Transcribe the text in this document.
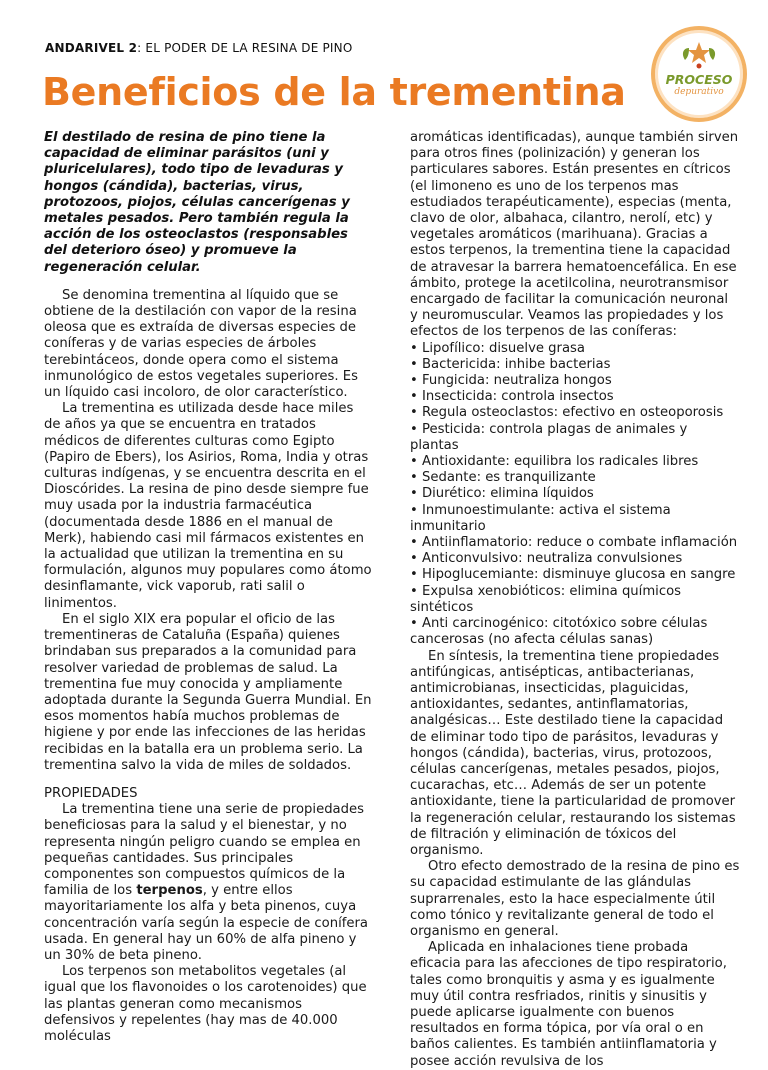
ANDARIVEL 2: EL PODER DE LA RESINA DE PINO
Beneficios de la trementina	PROCESO
depurativo

El destilado de resina de pino tiene la capacidad de eliminar parásitos (uni y pluricelulares), todo tipo de levaduras y hongos (cándida), bacterias, virus, protozoos, piojos, células cancerígenas y metales pesados. Pero también regula la acción de los osteoclastos (responsables del deterioro óseo) y promueve la regeneración celular.

Se denomina trementina al líquido que se obtiene de la destilación con vapor de la resina oleosa que es extraída de diversas especies de coníferas y de varias especies de árboles terebintáceos, donde opera como el sistema inmunológico de estos vegetales superiores. Es un líquido casi incoloro, de olor característico.

La trementina es utilizada desde hace miles de años ya que se encuentra en tratados médicos de diferentes culturas como Egipto (Papiro de Ebers), los Asirios, Roma, India y otras culturas indígenas, y se encuentra descrita en el Dioscórides. La resina de pino desde siempre fue muy usada por la industria farmacéutica (documentada desde 1886 en el manual de Merk), habiendo casi mil fármacos existentes en la actualidad que utilizan la trementina en su formulación, algunos muy populares como átomo desinflamante, vick vaporub, rati salil o linimentos.

En el siglo XIX era popular el oficio de las trementineras de Cataluña (España) quienes brindaban sus preparados a la comunidad para resolver variedad de problemas de salud. La trementina fue muy conocida y ampliamente adoptada durante la Segunda Guerra Mundial. En esos momentos había muchos problemas de higiene y por ende las infecciones de las heridas recibidas en la batalla era un problema serio. La trementina salvo la vida de miles de soldados.

PROPIEDADES

La trementina tiene una serie de propiedades beneficiosas para la salud y el bienestar, y no representa ningún peligro cuando se emplea en pequeñas cantidades. Sus principales componentes son compuestos químicos de la familia de los terpenos, y entre ellos mayoritariamente los alfa y beta pinenos, cuya concentración varía según la especie de conífera usada. En general hay un 60% de alfa pineno y un 30% de beta pineno.

Los terpenos son metabolitos vegetales (al igual que los flavonoides o los carotenoides) que las plantas generan como mecanismos defensivos y repelentes (hay mas de 40.000 moléculas

aromáticas identificadas), aunque también sirven para otros fines (polinización) y generan los particulares sabores. Están presentes en cítricos (el limoneno es uno de los terpenos mas estudiados terapéuticamente), especias (menta, clavo de olor, albahaca, cilantro, nerolí, etc) y vegetales aromáticos (marihuana). Gracias a estos terpenos, la trementina tiene la capacidad de atravesar la barrera hematoencefálica. En ese ámbito, protege la acetilcolina, neurotransmisor encargado de facilitar la comunicación neuronal y neuromuscular. Veamos las propiedades y los efectos de los terpenos de las coníferas:

• Lipofílico: disuelve grasa
• Bactericida: inhibe bacterias
• Fungicida: neutraliza hongos
• Insecticida: controla insectos
• Regula osteoclastos: efectivo en osteoporosis
• Pesticida: controla plagas de animales y plantas
• Antioxidante: equilibra los radicales libres
• Sedante: es tranquilizante
• Diurético: elimina líquidos
• Inmunoestimulante: activa el sistema inmunitario
• Antiinflamatorio: reduce o combate inflamación
• Anticonvulsivo: neutraliza convulsiones
• Hipoglucemiante: disminuye glucosa en sangre
• Expulsa xenobióticos: elimina químicos sintéticos
• Anti carcinogénico: citotóxico sobre células cancerosas (no afecta células sanas)

En síntesis, la trementina tiene propiedades antifúngicas, antisépticas, antibacterianas, antimicrobianas, insecticidas, plaguicidas, antioxidantes, sedantes, antinflamatorias, analgésicas… Este destilado tiene la capacidad de eliminar todo tipo de parásitos, levaduras y hongos (cándida), bacterias, virus, protozoos, células cancerígenas, metales pesados, piojos, cucarachas, etc… Además de ser un potente antioxidante, tiene la particularidad de promover la regeneración celular, restaurando los sistemas de filtración y eliminación de tóxicos del organismo.

Otro efecto demostrado de la resina de pino es su capacidad estimulante de las glándulas suprarrenales, esto la hace especialmente útil como tónico y revitalizante general de todo el organismo en general.

Aplicada en inhalaciones tiene probada eficacia para las afecciones de tipo respiratorio, tales como bronquitis y asma y es igualmente muy útil contra resfriados, rinitis y sinusitis y puede aplicarse igualmente con buenos resultados en forma tópica, por vía oral o en baños calientes. Es también antiinflamatoria y posee acción revulsiva de los
